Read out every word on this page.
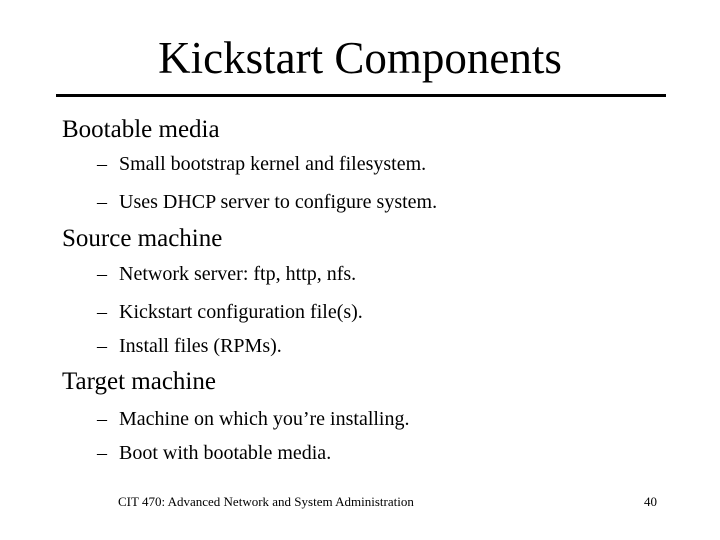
Kickstart Components
Bootable media
– Small bootstrap kernel and filesystem.
– Uses DHCP server to configure system.
Source machine
– Network server: ftp, http, nfs.
– Kickstart configuration file(s).
– Install files (RPMs).
Target machine
– Machine on which you’re installing.
– Boot with bootable media.
CIT 470: Advanced Network and System Administration	40
